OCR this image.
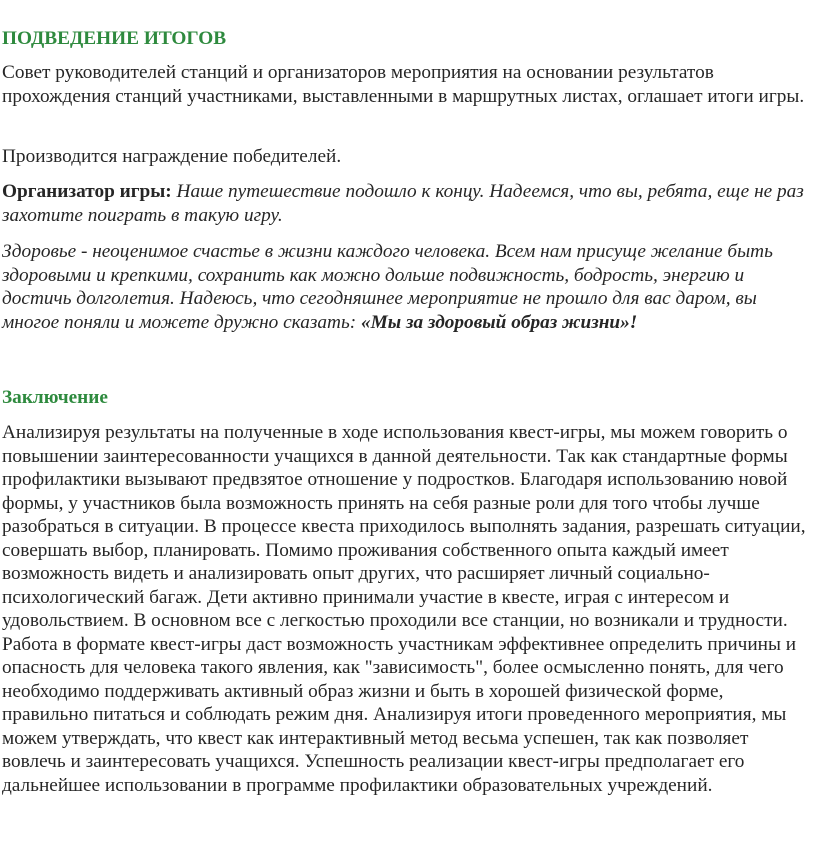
ПОДВЕДЕНИЕ ИТОГОВ

Совет руководителей станций и организаторов мероприятия на основании результатов прохождения станций участниками, выставленными в маршрутных листах, оглашает итоги игры.

Производится награждение победителей.

Организатор игры: Наше путешествие подошло к концу. Надеемся, что вы, ребята, еще не раз захотите поиграть в такую игру.

Здоровье - неоценимое счастье в жизни каждого человека. Всем нам присуще желание быть здоровыми и крепкими, сохранить как можно дольше подвижность, бодрость, энергию и достичь долголетия. Надеюсь, что сегодняшнее мероприятие не прошло для вас даром, вы многое поняли и можете дружно сказать: «Мы за здоровый образ жизни»!

Заключение

Анализируя результаты на полученные в ходе использования квест-игры, мы можем говорить о повышении заинтересованности учащихся в данной деятельности. Так как стандартные формы профилактики вызывают предвзятое отношение у подростков. Благодаря использованию новой формы, у участников была возможность принять на себя разные роли для того чтобы лучше разобраться в ситуации. В процессе квеста приходилось выполнять задания, разрешать ситуации, совершать выбор, планировать. Помимо проживания собственного опыта каждый имеет возможность видеть и анализировать опыт других, что расширяет личный социально-психологический багаж. Дети активно принимали участие в квесте, играя с интересом и удовольствием. В основном все с легкостью проходили все станции, но возникали и трудности. Работа в формате квест-игры даст возможность участникам эффективнее определить причины и опасность для человека такого явления, как "зависимость", более осмысленно понять, для чего необходимо поддерживать активный образ жизни и быть в хорошей физической форме, правильно питаться и соблюдать режим дня. Анализируя итоги проведенного мероприятия, мы можем утверждать, что квест как интерактивный метод весьма успешен, так как позволяет вовлечь и заинтересовать учащихся. Успешность реализации квест-игры предполагает его дальнейшее использовании в программе профилактики образовательных учреждений.
